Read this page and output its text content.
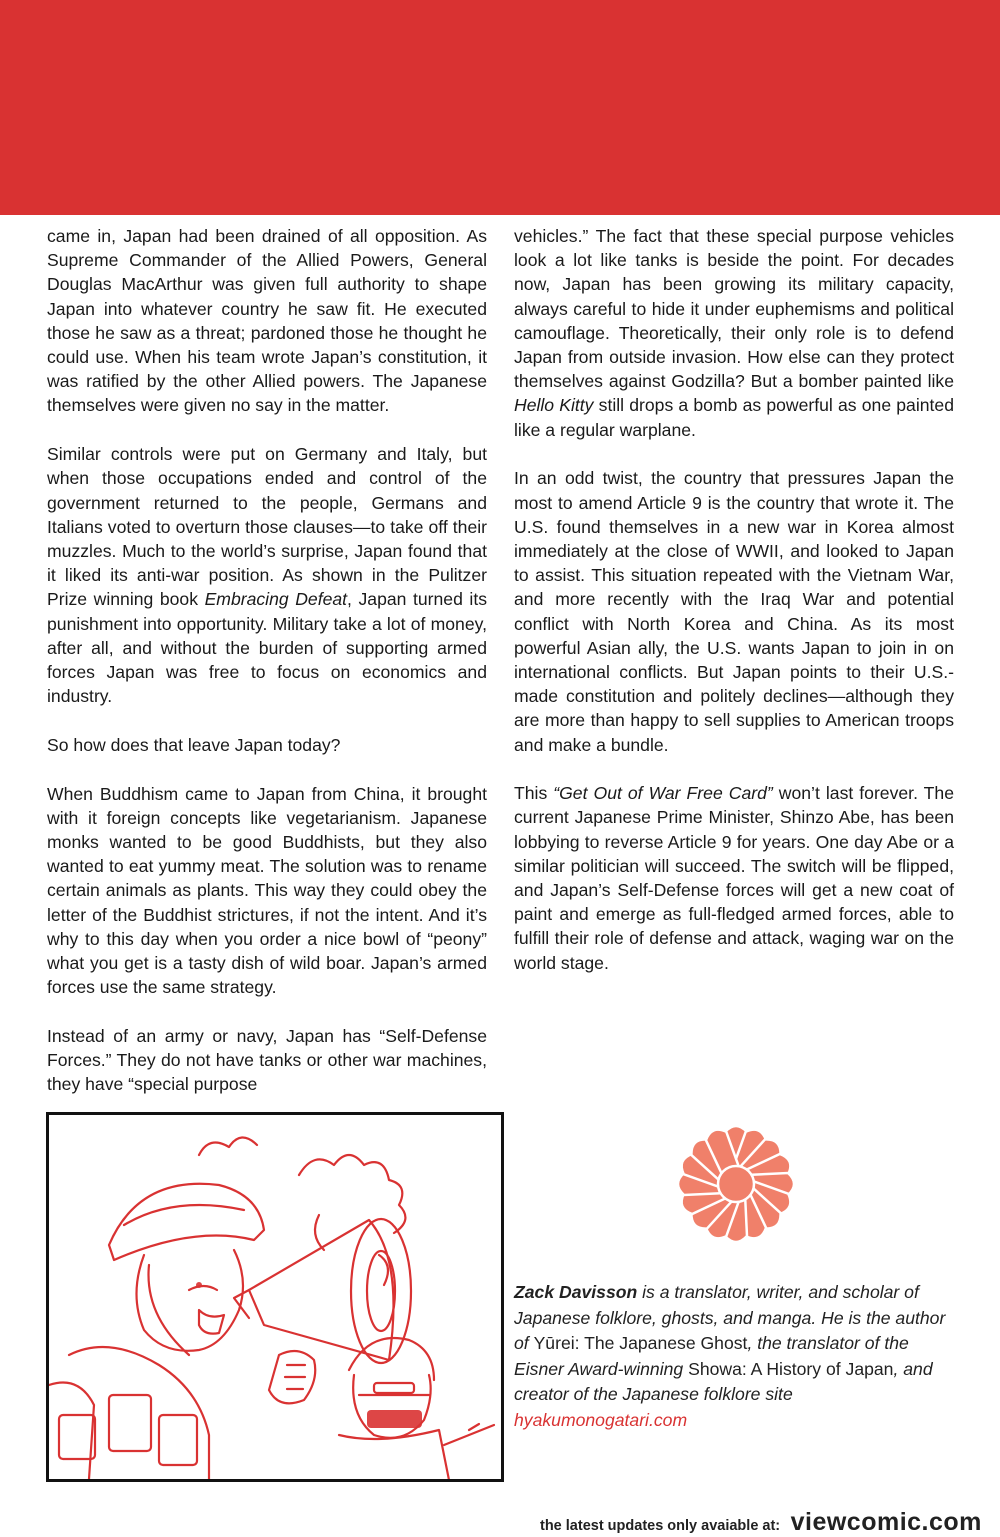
came in, Japan had been drained of all opposition. As Supreme Commander of the Allied Powers, General Douglas MacArthur was given full authority to shape Japan into whatever country he saw fit. He executed those he saw as a threat; pardoned those he thought he could use. When his team wrote Japan’s constitution, it was ratified by the other Allied powers. The Japanese themselves were given no say in the matter.

Similar controls were put on Germany and Italy, but when those occupations ended and control of the government returned to the people, Germans and Italians voted to overturn those clauses—to take off their muzzles. Much to the world’s surprise, Japan found that it liked its anti-war position. As shown in the Pulitzer Prize winning book Embracing Defeat, Japan turned its punishment into opportunity. Military take a lot of money, after all, and without the burden of supporting armed forces Japan was free to focus on economics and industry.

So how does that leave Japan today?

When Buddhism came to Japan from China, it brought with it foreign concepts like vegetarianism. Japanese monks wanted to be good Buddhists, but they also wanted to eat yummy meat. The solution was to rename certain animals as plants. This way they could obey the letter of the Buddhist strictures, if not the intent. And it’s why to this day when you order a nice bowl of “peony” what you get is a tasty dish of wild boar. Japan’s armed forces use the same strategy.

Instead of an army or navy, Japan has “Self-Defense Forces.” They do not have tanks or other war machines, they have “special purpose

vehicles.” The fact that these special purpose vehicles look a lot like tanks is beside the point. For decades now, Japan has been growing its military capacity, always careful to hide it under euphemisms and political camouflage. Theoretically, their only role is to defend Japan from outside invasion. How else can they protect themselves against Godzilla? But a bomber painted like Hello Kitty still drops a bomb as powerful as one painted like a regular warplane.

In an odd twist, the country that pressures Japan the most to amend Article 9 is the country that wrote it. The U.S. found themselves in a new war in Korea almost immediately at the close of WWII, and looked to Japan to assist. This situation repeated with the Vietnam War, and more recently with the Iraq War and potential conflict with North Korea and China. As its most powerful Asian ally, the U.S. wants Japan to join in on international conflicts. But Japan points to their U.S.-made constitution and politely declines—although they are more than happy to sell supplies to American troops and make a bundle.

This “Get Out of War Free Card” won’t last forever. The current Japanese Prime Minister, Shinzo Abe, has been lobbying to reverse Article 9 for years. One day Abe or a similar politician will succeed. The switch will be flipped, and Japan’s Self-Defense forces will get a new coat of paint and emerge as full-fledged armed forces, able to fulfill their role of defense and attack, waging war on the world stage.

Zack Davisson is a translator, writer, and scholar of Japanese folklore, ghosts, and manga. He is the author of Yūrei: The Japanese Ghost, the translator of the Eisner Award-winning Showa: A History of Japan, and creator of the Japanese folklore site hyakumonogatari.com
the latest updates only avaiable at: viewcomic.com
